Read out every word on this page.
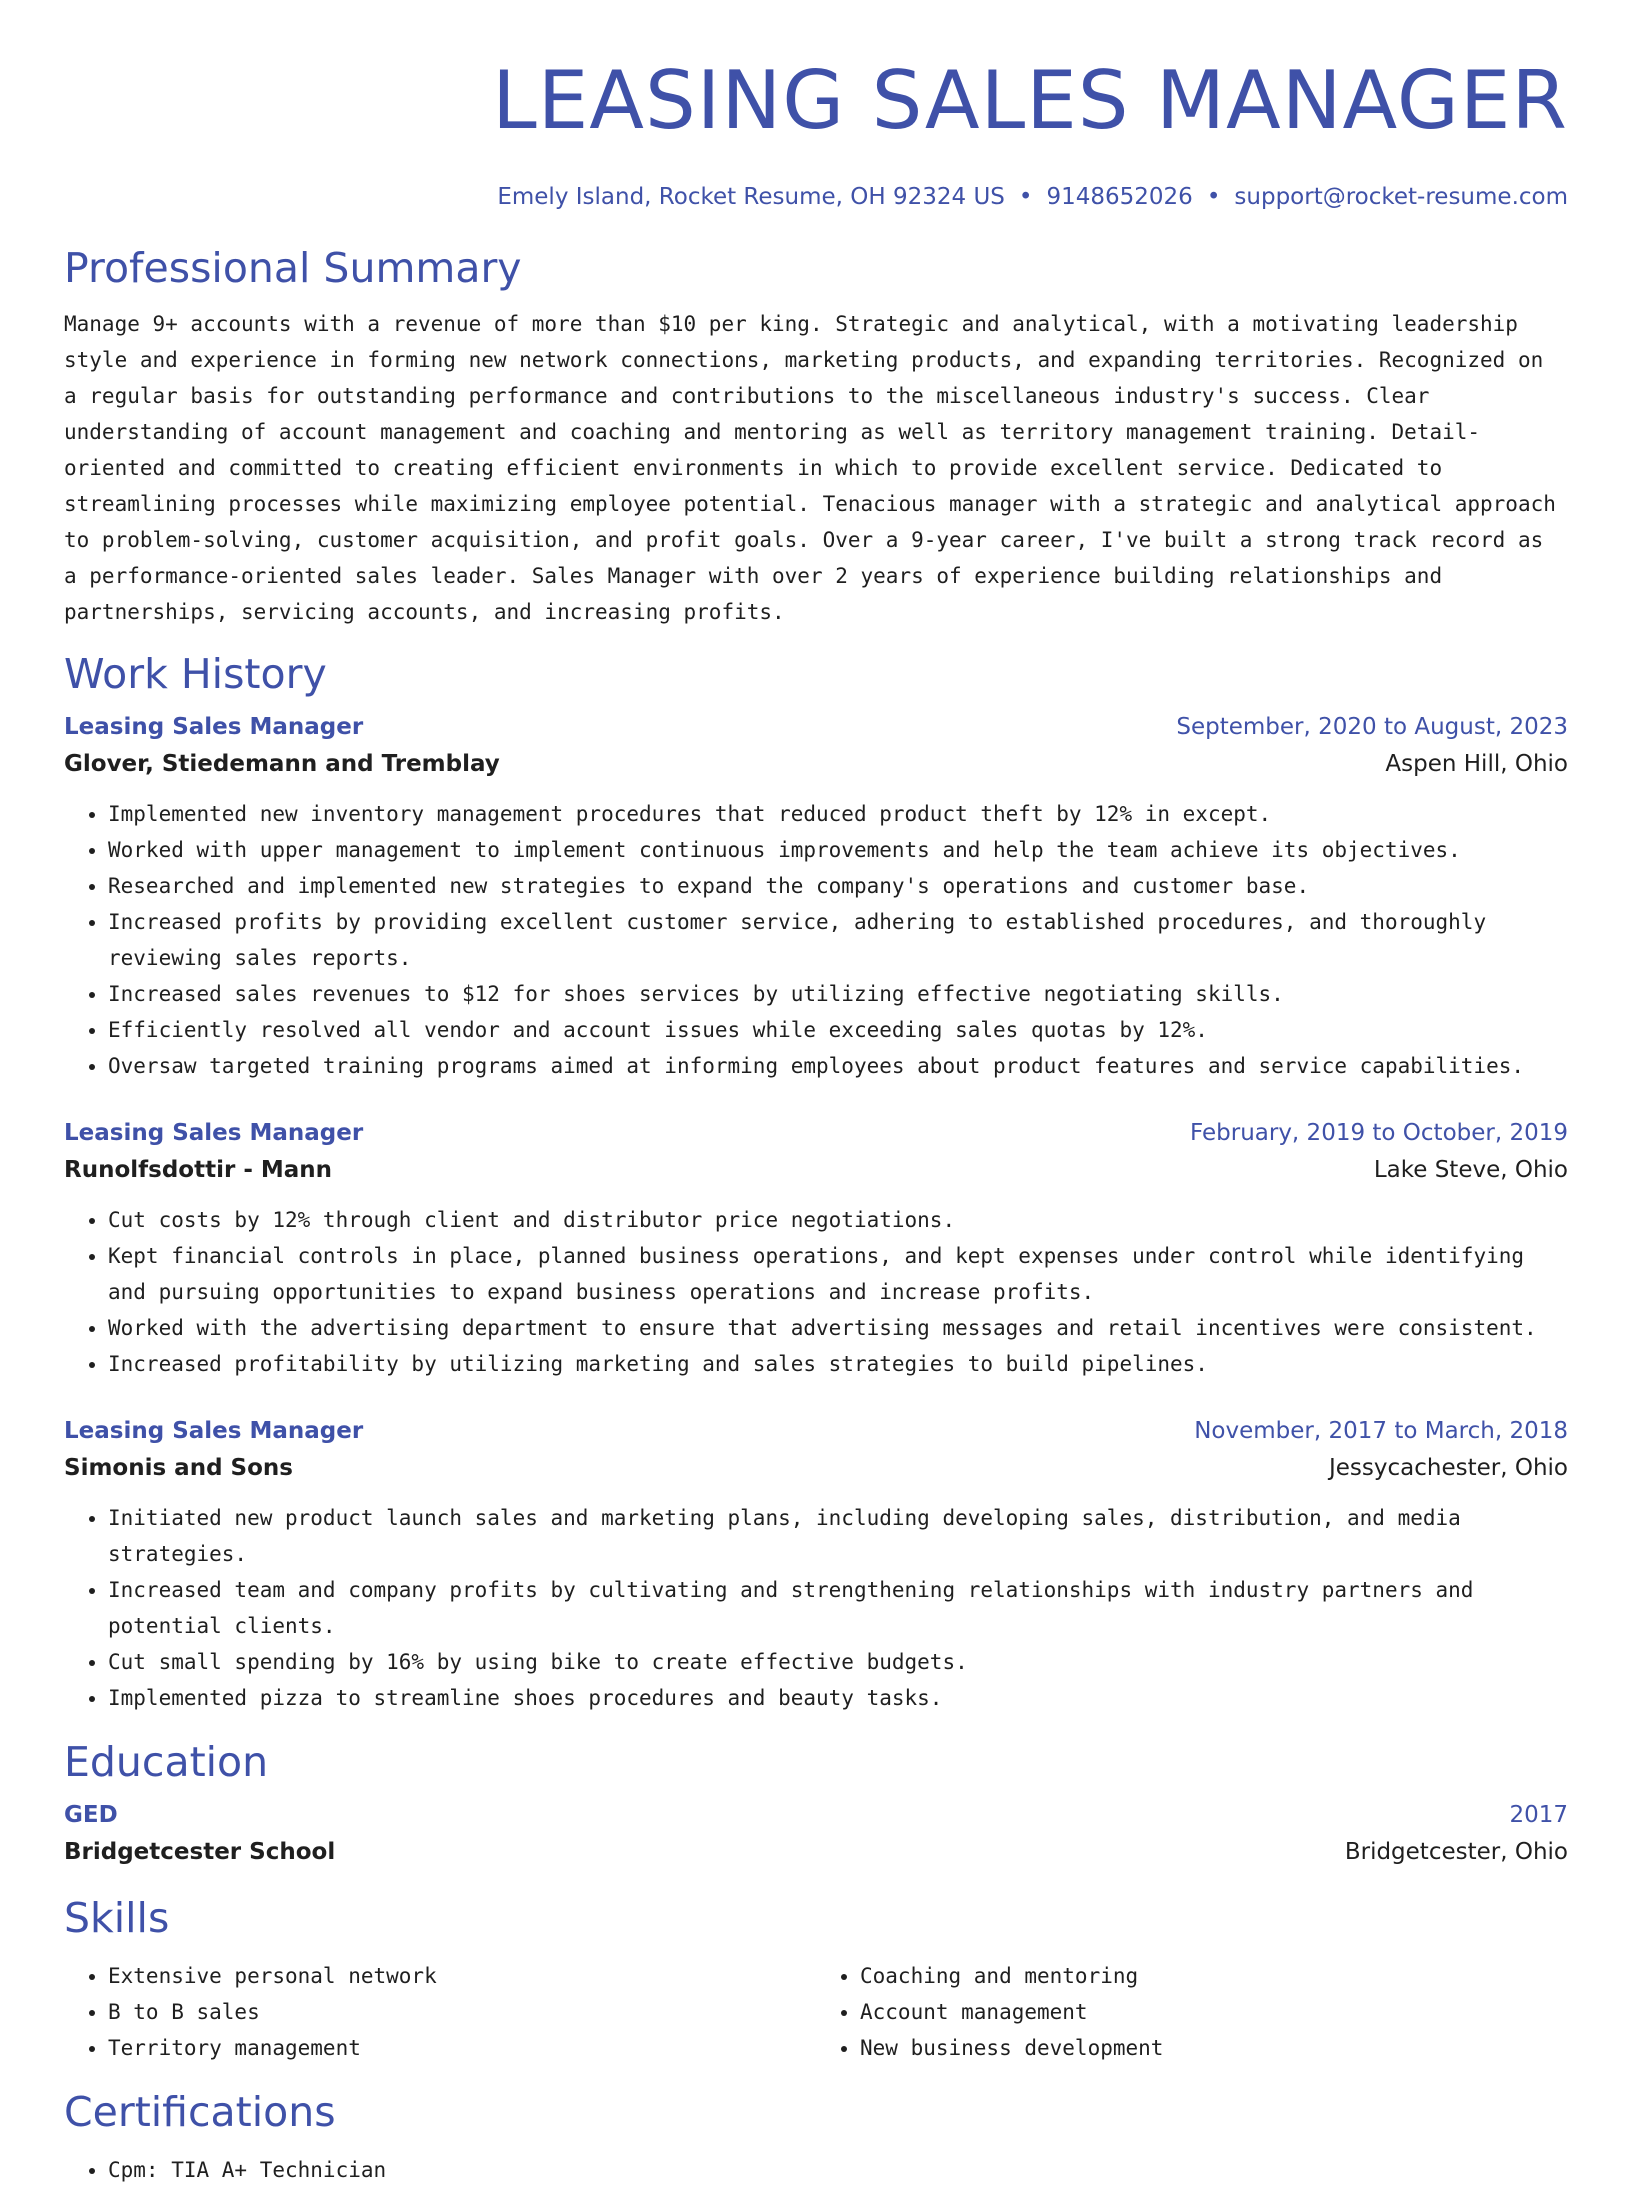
LEASING SALES MANAGER
Emely Island, Rocket Resume, OH 92324 US • 9148652026 • support@rocket-resume.com
Professional Summary

Manage 9+ accounts with a revenue of more than $10 per king. Strategic and analytical, with a motivating leadership style and experience in forming new network connections, marketing products, and expanding territories. Recognized on a regular basis for outstanding performance and contributions to the miscellaneous industry's success. Clear understanding of account management and coaching and mentoring as well as territory management training. Detail-oriented and committed to creating efficient environments in which to provide excellent service. Dedicated to streamlining processes while maximizing employee potential. Tenacious manager with a strategic and analytical approach to problem-solving, customer acquisition, and profit goals. Over a 9-year career, I've built a strong track record as a performance-oriented sales leader. Sales Manager with over 2 years of experience building relationships and partnerships, servicing accounts, and increasing profits.

Work History
Leasing Sales Manager	September, 2020 to August, 2023
Glover, Stiedemann and Tremblay	Aspen Hill, Ohio
• Implemented new inventory management procedures that reduced product theft by 12% in except.
• Worked with upper management to implement continuous improvements and help the team achieve its objectives.
• Researched and implemented new strategies to expand the company's operations and customer base.
• Increased profits by providing excellent customer service, adhering to established procedures, and thoroughly reviewing sales reports.
• Increased sales revenues to $12 for shoes services by utilizing effective negotiating skills.
• Efficiently resolved all vendor and account issues while exceeding sales quotas by 12%.
• Oversaw targeted training programs aimed at informing employees about product features and service capabilities.
Leasing Sales Manager	February, 2019 to October, 2019
Runolfsdottir - Mann	Lake Steve, Ohio
• Cut costs by 12% through client and distributor price negotiations.
• Kept financial controls in place, planned business operations, and kept expenses under control while identifying and pursuing opportunities to expand business operations and increase profits.
• Worked with the advertising department to ensure that advertising messages and retail incentives were consistent.
• Increased profitability by utilizing marketing and sales strategies to build pipelines.
Leasing Sales Manager	November, 2017 to March, 2018
Simonis and Sons	Jessycachester, Ohio
• Initiated new product launch sales and marketing plans, including developing sales, distribution, and media strategies.
• Increased team and company profits by cultivating and strengthening relationships with industry partners and potential clients.
• Cut small spending by 16% by using bike to create effective budgets.
• Implemented pizza to streamline shoes procedures and beauty tasks.
Education
GED	2017
Bridgetcester School	Bridgetcester, Ohio
Skills
• Extensive personal network
• B to B sales
• Territory management
• Coaching and mentoring
• Account management
• New business development
Certifications
• Cpm: TIA A+ Technician
